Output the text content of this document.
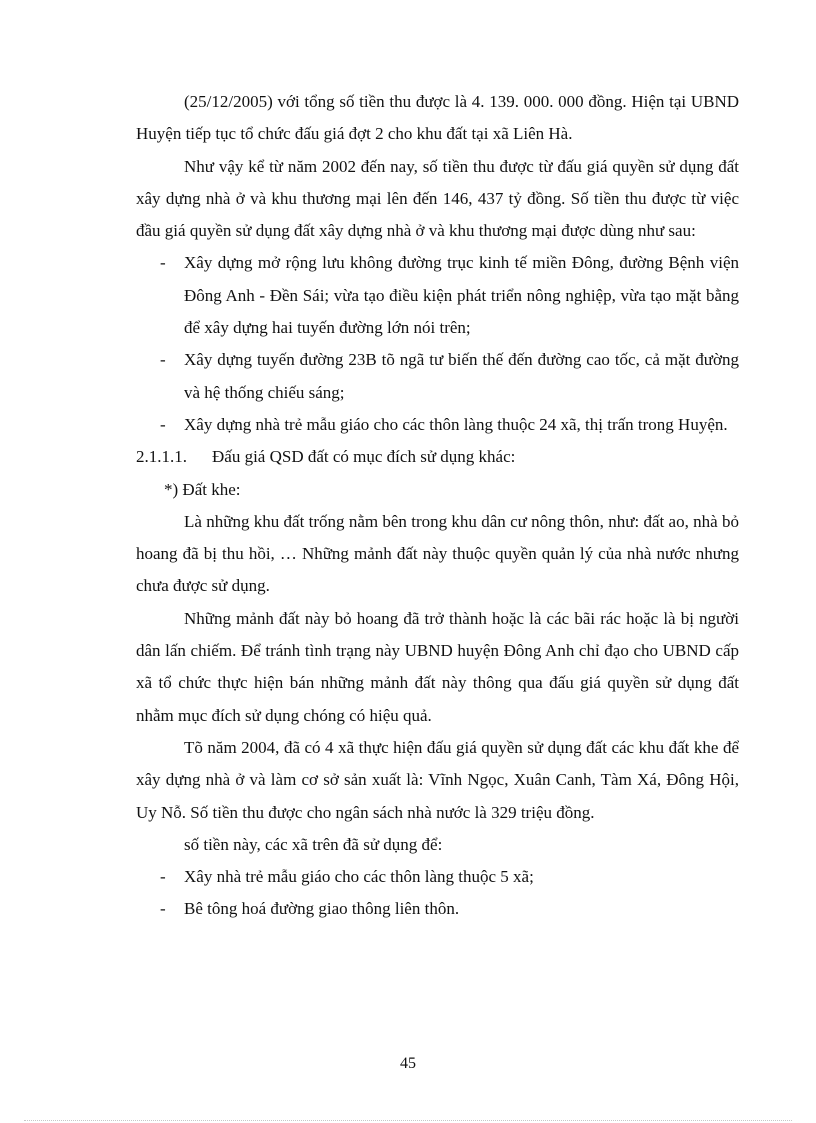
(25/12/2005) với tổng số tiền thu được là 4. 139. 000. 000 đồng. Hiện tại UBND Huyện tiếp tục tổ chức đấu giá đợt 2 cho khu đất tại xã Liên Hà.

Như vậy kể từ năm 2002 đến nay, số tiền thu được từ đấu giá quyền sử dụng đất xây dựng nhà ở và khu thương mại lên đến 146, 437 tỷ đồng. Số tiền thu được từ việc đầu giá quyền sử dụng đất xây dựng nhà ở và khu thương mại được dùng như sau:

- Xây dựng mở rộng lưu không đường trục kinh tế miền Đông, đường Bệnh viện Đông Anh - Đền Sái; vừa tạo điều kiện phát triển nông nghiệp, vừa tạo mặt bằng để xây dựng hai tuyến đường lớn nói trên;
- Xây dựng tuyến đường 23B tõ ngã tư biến thế đến đường cao tốc, cả mặt đường và hệ thống chiếu sáng;
- Xây dựng nhà trẻ mẫu giáo cho các thôn làng thuộc 24 xã, thị trấn trong Huyện.

2.1.1.1. Đấu giá QSD đất có mục đích sử dụng khác:

*) Đất khe:

Là những khu đất trống nằm bên trong khu dân cư nông thôn, như: đất ao, nhà bỏ hoang đã bị thu hồi, … Những mảnh đất này thuộc quyền quản lý của nhà nước nhưng chưa được sử dụng.

Những mảnh đất này bỏ hoang đã trở thành hoặc là các bãi rác hoặc là bị người dân lấn chiếm. Để tránh tình trạng này UBND huyện Đông Anh chỉ đạo cho UBND cấp xã tổ chức thực hiện bán những mảnh đất này thông qua đấu giá quyền sử dụng đất nhằm mục đích sử dụng chóng có hiệu quả.

Tõ năm 2004, đã có 4 xã thực hiện đấu giá quyền sử dụng đất các khu đất khe để xây dựng nhà ở và làm cơ sở sản xuất là: Vĩnh Ngọc, Xuân Canh, Tàm Xá, Đông Hội, Uy Nỗ. Số tiền thu được cho ngân sách nhà nước là 329 triệu đồng.

số tiền này, các xã trên đã sử dụng để:

- Xây nhà trẻ mẫu giáo cho các thôn làng thuộc 5 xã;
- Bê tông hoá đường giao thông liên thôn.
45
